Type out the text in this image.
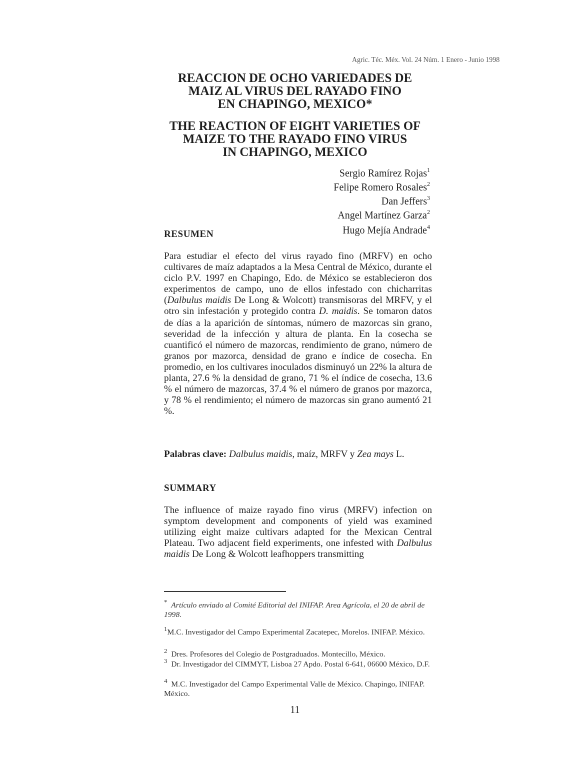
Agric. Téc. Méx. Vol. 24 Núm. 1 Enero - Junio 1998
REACCION DE OCHO VARIEDADES DE
MAIZ AL VIRUS DEL RAYADO FINO
EN CHAPINGO, MEXICO*
THE REACTION OF EIGHT VARIETIES OF
MAIZE TO THE RAYADO FINO VIRUS
IN CHAPINGO, MEXICO
Sergio Ramírez Rojas$^1$
Felipe Romero Rosales$^2$
Dan Jeffers$^3$
Angel Martínez Garza$^2$
Hugo Mejía Andrade$^4$
RESUMEN
Para estudiar el efecto del virus rayado fino (MRFV) en ocho cultivares de maíz adaptados a la Mesa Central de México, durante el ciclo P.V. 1997 en Chapingo, Edo. de México se establecieron dos experimentos de campo, uno de ellos infestado con chicharritas (Dalbulus maidis De Long & Wolcott) transmisoras del MRFV, y el otro sin infestación y protegido contra D. maidis. Se tomaron datos de días a la aparición de síntomas, número de mazorcas sin grano, severidad de la infección y altura de planta. En la cosecha se cuantificó el número de mazorcas, rendimiento de grano, número de granos por mazorca, densidad de grano e índice de cosecha. En promedio, en los cultivares inoculados disminuyó un 22% la altura de planta, 27.6 % la densidad de grano, 71 % el índice de cosecha, 13.6 % el número de mazorcas, 37.4 % el número de granos por mazorca, y 78 % el rendimiento; el número de mazorcas sin grano aumentó 21 %.
Palabras clave: Dalbulus maidis, maíz, MRFV y Zea mays L.
SUMMARY
The influence of maize rayado fino virus (MRFV) infection on symptom development and components of yield was examined utilizing eight maize cultivars adapted for the Mexican Central Plateau. Two adjacent field experiments, one infested with Dalbulus maidis De Long & Wolcott leafhoppers transmitting
* Artículo enviado al Comité Editorial del INIFAP. Area Agrícola, el 20 de abril de 1998.
$^1$M.C. Investigador del Campo Experimental Zacatepec, Morelos. INIFAP. México.
$^2$ Dres. Profesores del Colegio de Postgraduados. Montecillo, México.
$^3$ Dr. Investigador del CIMMYT, Lisboa 27 Apdo. Postal 6-641, 06600 México, D.F.
$^4$ M.C. Investigador del Campo Experimental Valle de México. Chapingo, INIFAP. México.
11
